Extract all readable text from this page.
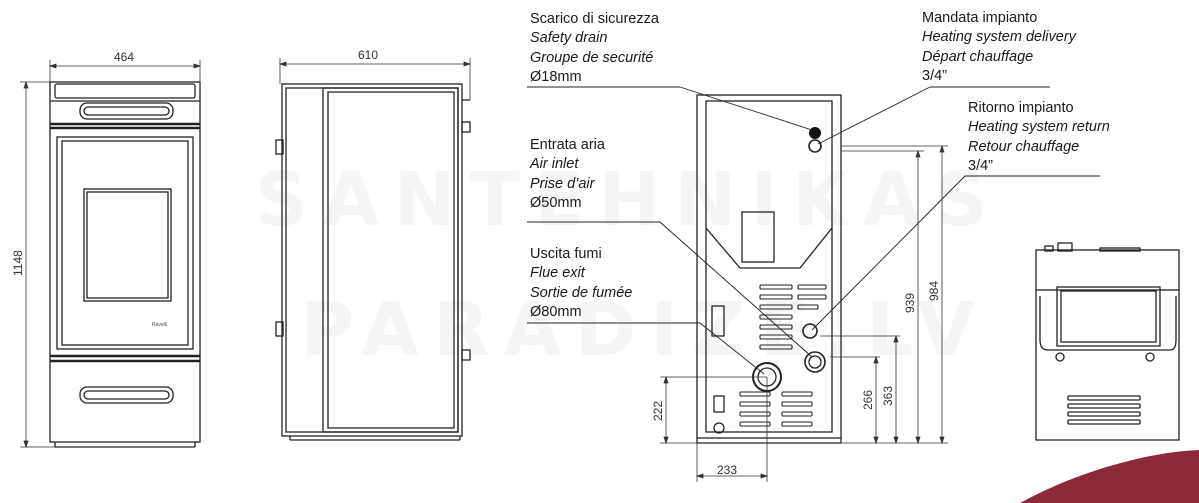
Ravelli
464
1148
610
984
939
363
266
222
233
Scarico di sicurezza
Safety drain
Groupe de securité
Ø18mm
Mandata impianto
Heating system delivery
Départ chauffage
3/4”
Ritorno impianto
Heating system return
Retour chauffage
3/4”
Entrata aria
Air inlet
Prise d’air
Ø50mm
Uscita fumi
Flue exit
Sortie de fumée
Ø80mm
